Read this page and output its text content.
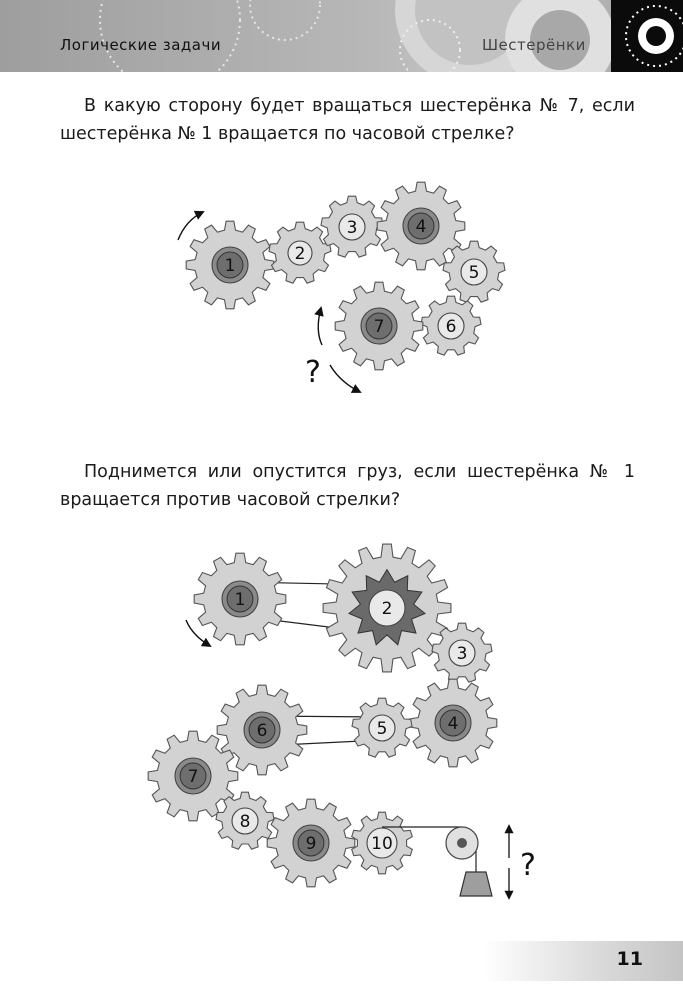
Логические задачи	Шестерёнки
В какую сторону будет вращаться шестерёнка № 7, если шестерёнка № 1 вращается по часовой стрелке?
1
2
3	4
5
6
7
?
Поднимется или опустится груз, если шестерёнка № 1 вращается против часовой стрелки?
1	2
3
4
5
6
7
8
9	10
?
11
